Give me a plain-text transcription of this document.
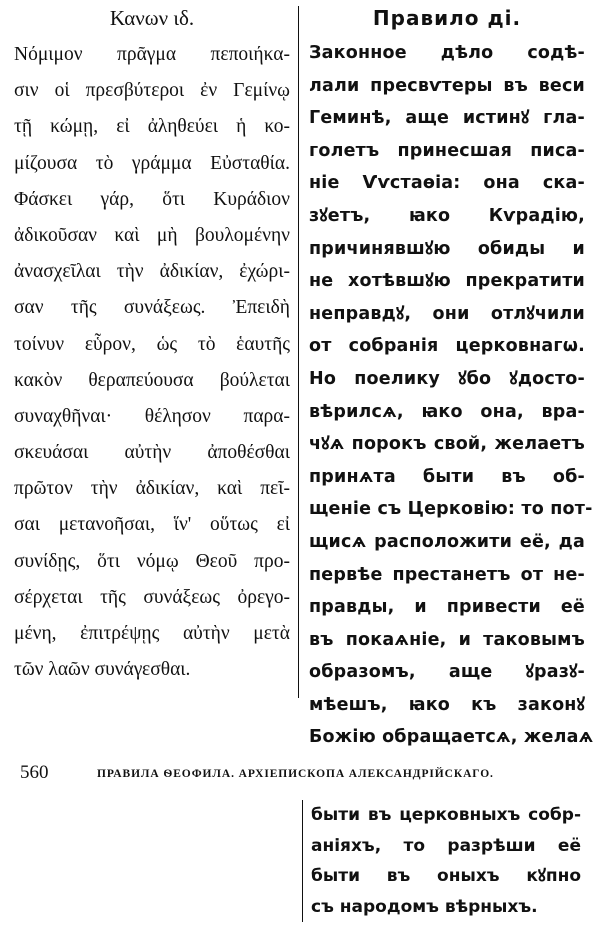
Κανων ιδ.
Νόμιμον πρᾶγμα πεποιήκα-
σιν οἱ πρεσβύτεροι ἐν Γεμίνῳ
τῇ κώμῃ, εἰ ἀληθεύει ἡ κο-
μίζουσα τὸ γράμμα Εὐσταθία.
Φάσκει γάρ, ὅτι Κυράδιον
ἀδικοῦσαν καὶ μὴ βουλομένην
ἀνασχεῖλαι τὴν ἀδικίαν, ἐχώρι-
σαν τῆς συνάξεως. Ἐπειδὴ
τοίνυν εὗρον, ὡς τὸ ἑαυτῆς
κακὸν θεραπεύουσα βούλεται
συναχθῆναι· θέλησον παρα-
σκευάσαι αὐτὴν ἀποθέσθαι
πρῶτον τὴν ἀδικίαν, καὶ πεῖ-
σαι μετανοῆσαι, ἵν' οὕτως εἰ
συνίδῃς, ὅτι νόμῳ Θεοῦ προ-
σέρχεται τῆς συνάξεως ὀρεγο-
μένη, ἐπιτρέψῃς αὐτὴν μετὰ
τῶν λαῶν συνάγεσθαι.
Правило ді.
Законное дѣло содѣ-
лали пресвѵтеры въ веси
Геминѣ, аще истинꙋ гла-
голетъ принесшая писа-
ніе Ѵѵстаѳіа: она ска-
зꙋетъ, ꙗко Кѵрадію,
причинявшꙋю обиды и
не хотѣвшꙋю прекратити
неправдꙋ, они отлꙋчили
от собранія церковнагѡ.
Но поелику ꙋбо ꙋдосто-
вѣрилсѧ, ꙗко она, вра-
чꙋѧ порокъ свой, желаетъ
принѧта быти въ об-
щеніе съ Церковію: то пот-
щисѧ расположити её, да
первѣе престанетъ от не-
правды, и привести её
въ покаѧніе, и таковымъ
образомъ, аще ꙋразꙋ-
мѣешъ, ꙗко къ законꙋ
Божію обращаетсѧ, желаѧ
560	ПРАВИЛА ѲЕОФИЛА. АРХІЕПИСКОПА АЛЕКСАНДРІЙСКАГО.
быти въ церковныхъ собр-
аніяхъ, то разрѣши её
быти въ оныхъ кꙋпно
съ народомъ вѣрныхъ.
